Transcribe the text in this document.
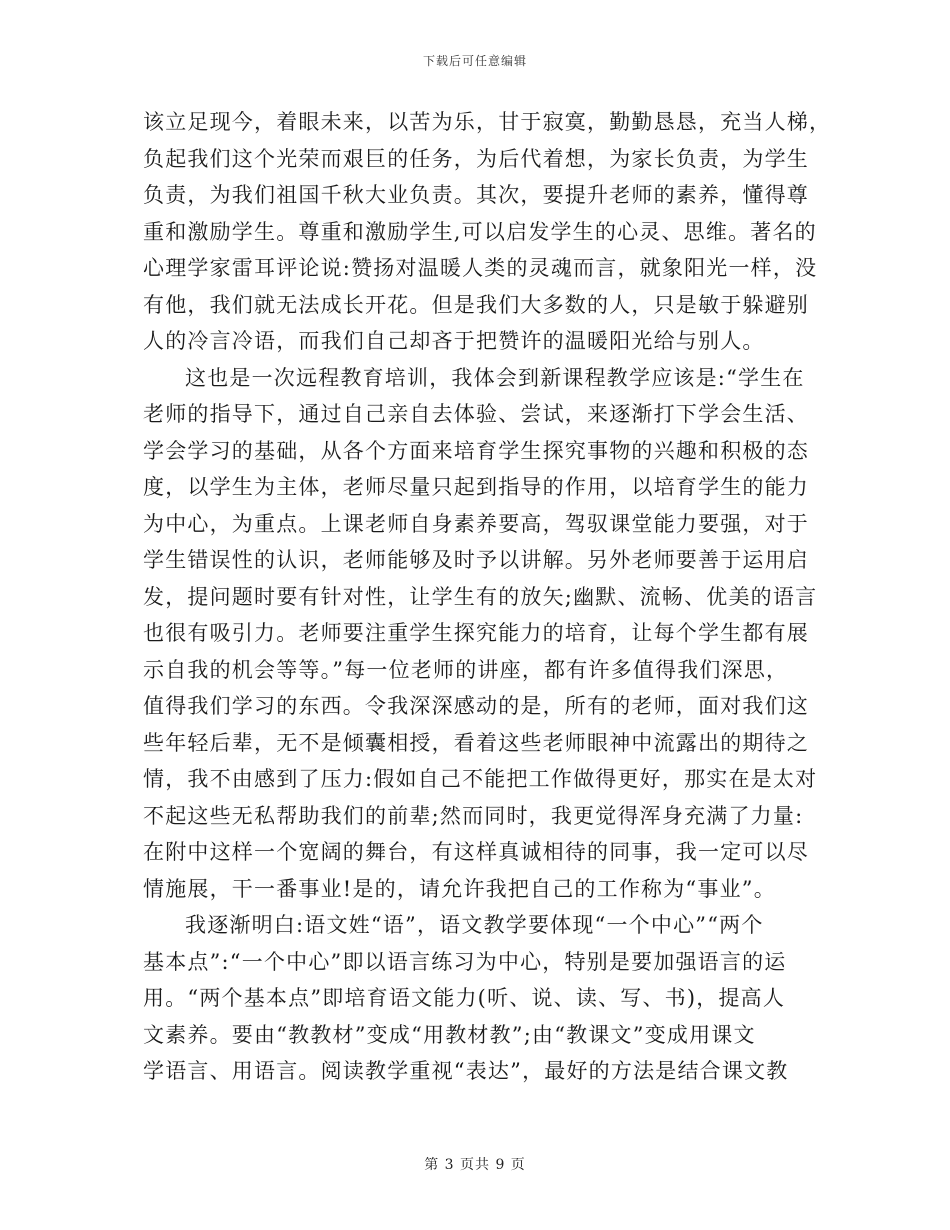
下载后可任意编辑
该立足现今，着眼未来，以苦为乐，甘于寂寞，勤勤恳恳，充当人梯，
负起我们这个光荣而艰巨的任务，为后代着想，为家长负责，为学生
负责，为我们祖国千秋大业负责。其次，要提升老师的素养，懂得尊
重和激励学生。尊重和激励学生,可以启发学生的心灵、思维。著名的
心理学家雷耳评论说:赞扬对温暖人类的灵魂而言，就象阳光一样，没
有他，我们就无法成长开花。但是我们大多数的人，只是敏于躲避别
人的冷言冷语，而我们自己却吝于把赞许的温暖阳光给与别人。
这也是一次远程教育培训，我体会到新课程教学应该是:“学生在
老师的指导下，通过自己亲自去体验、尝试，来逐渐打下学会生活、
学会学习的基础，从各个方面来培育学生探究事物的兴趣和积极的态
度，以学生为主体，老师尽量只起到指导的作用，以培育学生的能力
为中心，为重点。上课老师自身素养要高，驾驭课堂能力要强，对于
学生错误性的认识，老师能够及时予以讲解。另外老师要善于运用启
发，提问题时要有针对性，让学生有的放矢;幽默、流畅、优美的语言
也很有吸引力。老师要注重学生探究能力的培育，让每个学生都有展
示自我的机会等等。”每一位老师的讲座，都有许多值得我们深思，
值得我们学习的东西。令我深深感动的是，所有的老师，面对我们这
些年轻后辈，无不是倾囊相授，看着这些老师眼神中流露出的期待之
情，我不由感到了压力:假如自己不能把工作做得更好，那实在是太对
不起这些无私帮助我们的前辈;然而同时，我更觉得浑身充满了力量:
在附中这样一个宽阔的舞台，有这样真诚相待的同事，我一定可以尽
情施展，干一番事业!是的，请允许我把自己的工作称为“事业”。
我逐渐明白:语文姓“语”，语文教学要体现“一个中心”“两个
基本点”:“一个中心”即以语言练习为中心，特别是要加强语言的运
用。“两个基本点”即培育语文能力(听、说、读、写、书)，提高人
文素养。要由“教教材”变成“用教材教”;由“教课文”变成用课文
学语言、用语言。阅读教学重视“表达”，最好的方法是结合课文教
第 3 页共 9 页
